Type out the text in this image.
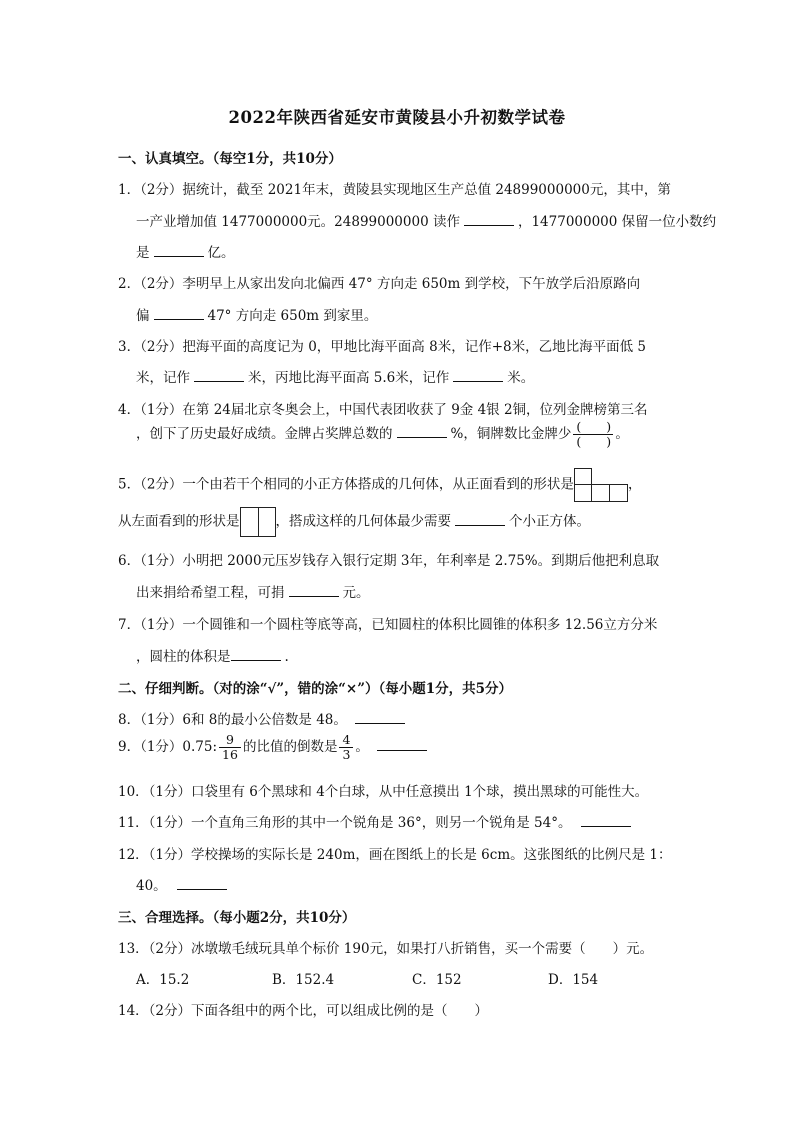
2022年陕西省延安市黄陵县小升初数学试卷
一、认真填空。（每空1分，共10分）
1．（2分）据统计，截至 2021年末，黄陵县实现地区生产总值 24899000000元，其中，第
一产业增加值 1477000000元。24899000000 读作	，1477000000 保留一位小数约
是	亿。
2．（2分）李明早上从家出发向北偏西 47° 方向走 650m 到学校，下午放学后沿原路向
偏	47° 方向走 650m 到家里。
3．（2分）把海平面的高度记为 0，甲地比海平面高 8米，记作+8米，乙地比海平面低 5
米，记作	米，丙地比海平面高 5.6米，记作	米。
4．（1分）在第 24届北京冬奥会上，中国代表团收获了 9金 4银 2铜，位列金牌榜第三名
，创下了历史最好成绩。金牌占奖牌总数的	%，铜牌数比金牌少 $\frac{( )}{( )}$ 。
5．（2分）一个由若干个相同的小正方体搭成的几何体，从正面看到的形状是	，
从左面看到的形状是	，搭成这样的几何体最少需要	个小正方体。
6．（1分）小明把 2000元压岁钱存入银行定期 3年，年利率是 2.75%。到期后他把利息取
出来捐给希望工程，可捐	元。
7．（1分）一个圆锥和一个圆柱等底等高，已知圆柱的体积比圆锥的体积多 12.56立方分米
，圆柱的体积是	.
二、仔细判断。（对的涂“√”，错的涂“×”）（每小题1分，共5分）
8．（1分）6和 8的最小公倍数是 48。
9．（1分）0.75: $\frac{9}{16}$ 的比值的倒数是 $\frac{4}{3}$ 。
10．（1分）口袋里有 6个黑球和 4个白球，从中任意摸出 1个球，摸出黑球的可能性大。
11．（1分）一个直角三角形的其中一个锐角是 36°，则另一个锐角是 54°。
12．（1分）学校操场的实际长是 240m，画在图纸上的长是 6cm。这张图纸的比例尺是 1：
40。
三、合理选择。（每小题2分，共10分）
13．（2分）冰墩墩毛绒玩具单个标价 190元，如果打八折销售，买一个需要（　　）元。
A．15.2	B．152.4	C．152	D．154
14．（2分）下面各组中的两个比，可以组成比例的是（　　）
